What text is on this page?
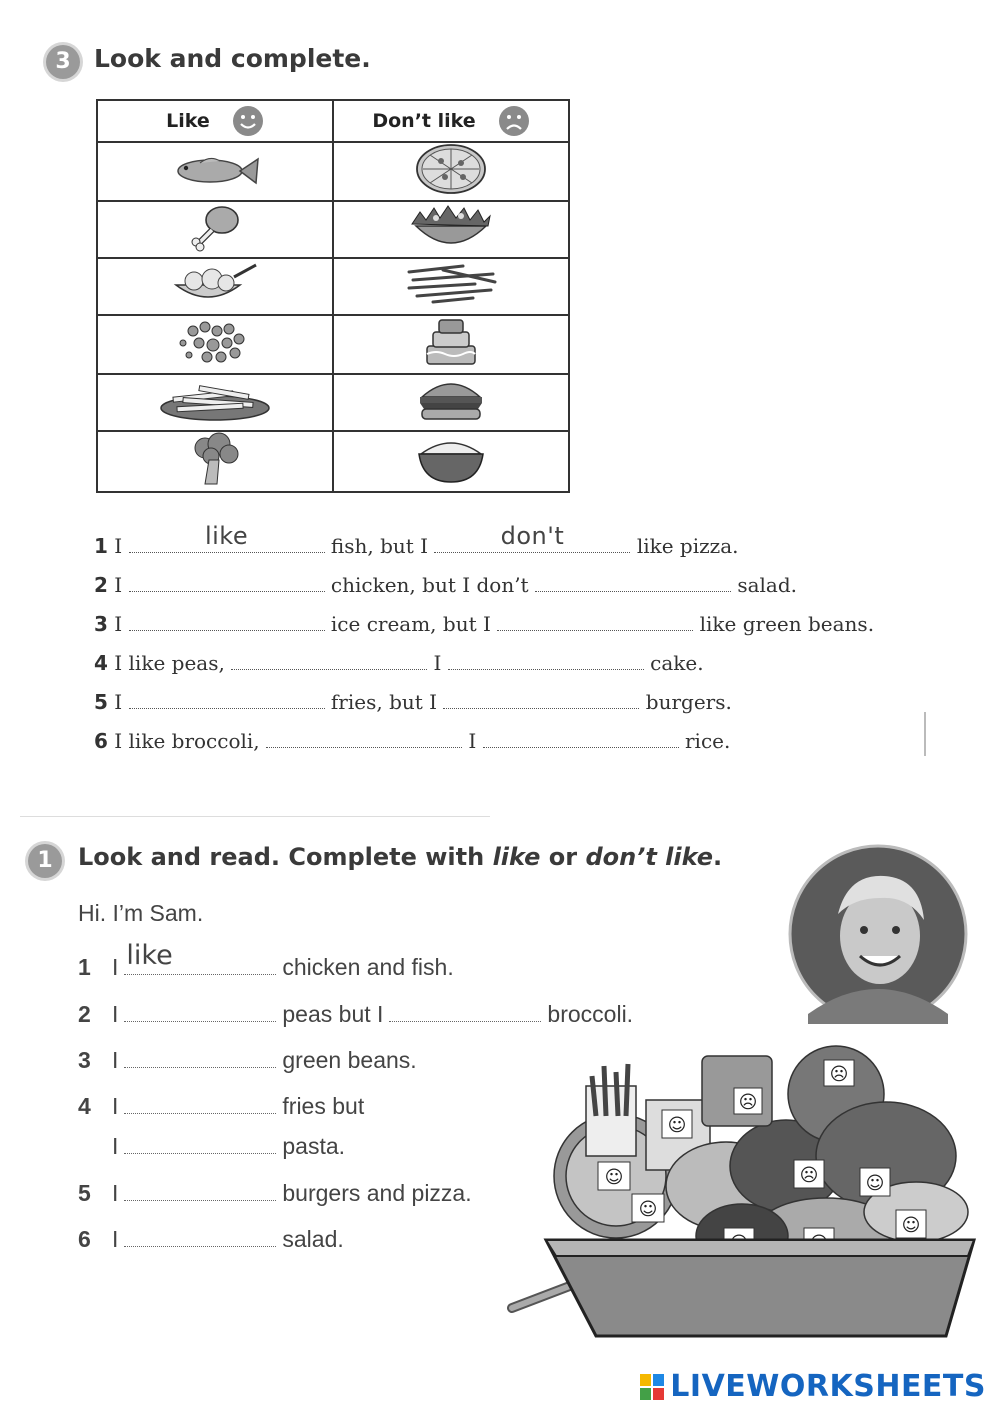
3 Look and complete.
Like	Don’t like

1 I	like	fish, but I	don't	like pizza.
2 I	chicken, but I don’t	salad.
3 I	ice cream, but I	like green beans.
4 I like peas,	I	cake.
5 I	fries, but I	burgers.
6 I like broccoli,	I	rice.
1	Look and read. Complete with like or don’t like.
Hi. I’m Sam.
1 I like	chicken and fish.
2 I	peas but I	broccoli.
3 I	green beans.
4 I	fries but
I	pasta.
5 I	burgers and pizza.
6 I	salad.
☹
☹
☺
☺	☹	☺
☺
☺
LIVEWORKSHEETS
